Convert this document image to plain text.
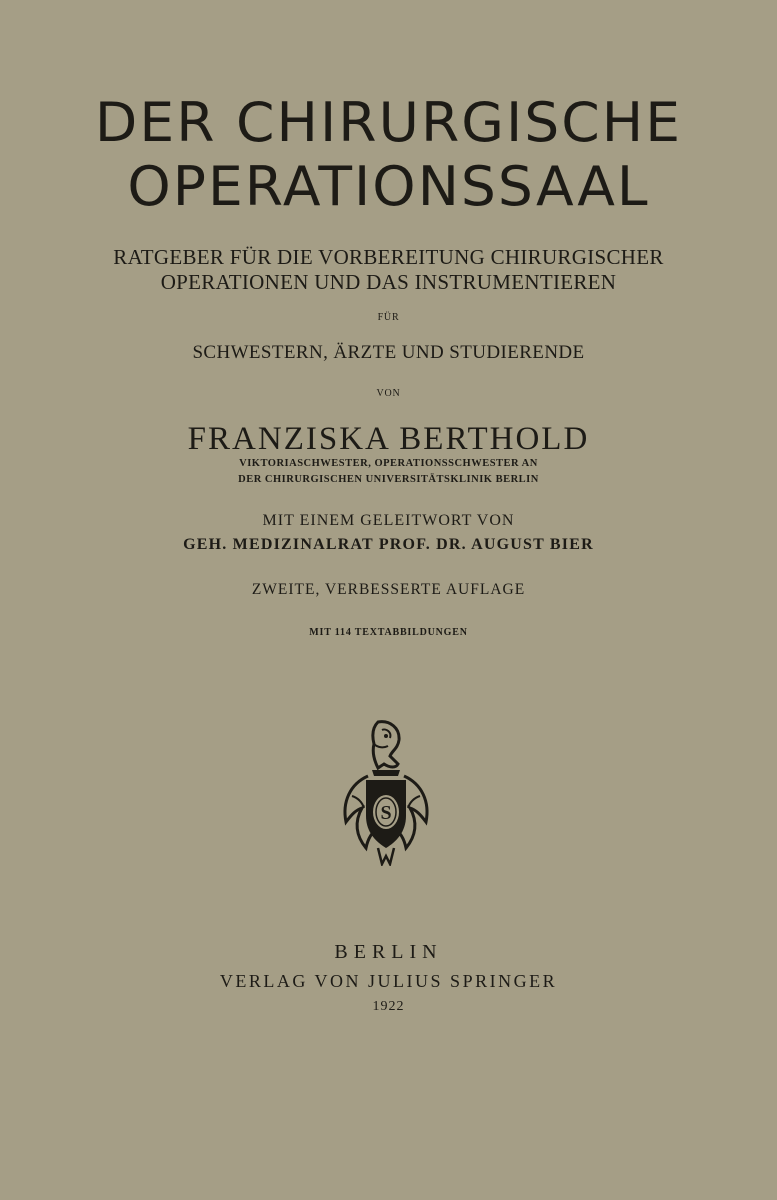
DER CHIRURGISCHE
OPERATIONSSAAL
RATGEBER FÜR DIE VORBEREITUNG CHIRURGISCHER
OPERATIONEN UND DAS INSTRUMENTIEREN
FÜR
SCHWESTERN, ÄRZTE UND STUDIERENDE
VON
FRANZISKA BERTHOLD
VIKTORIASCHWESTER, OPERATIONSSCHWESTER AN
DER CHIRURGISCHEN UNIVERSITÄTSKLINIK BERLIN
MIT EINEM GELEITWORT VON
GEH. MEDIZINALRAT PROF. DR. AUGUST BIER
ZWEITE, VERBESSERTE AUFLAGE
MIT 114 TEXTABBILDUNGEN
S
BERLIN
VERLAG VON JULIUS SPRINGER
1922
